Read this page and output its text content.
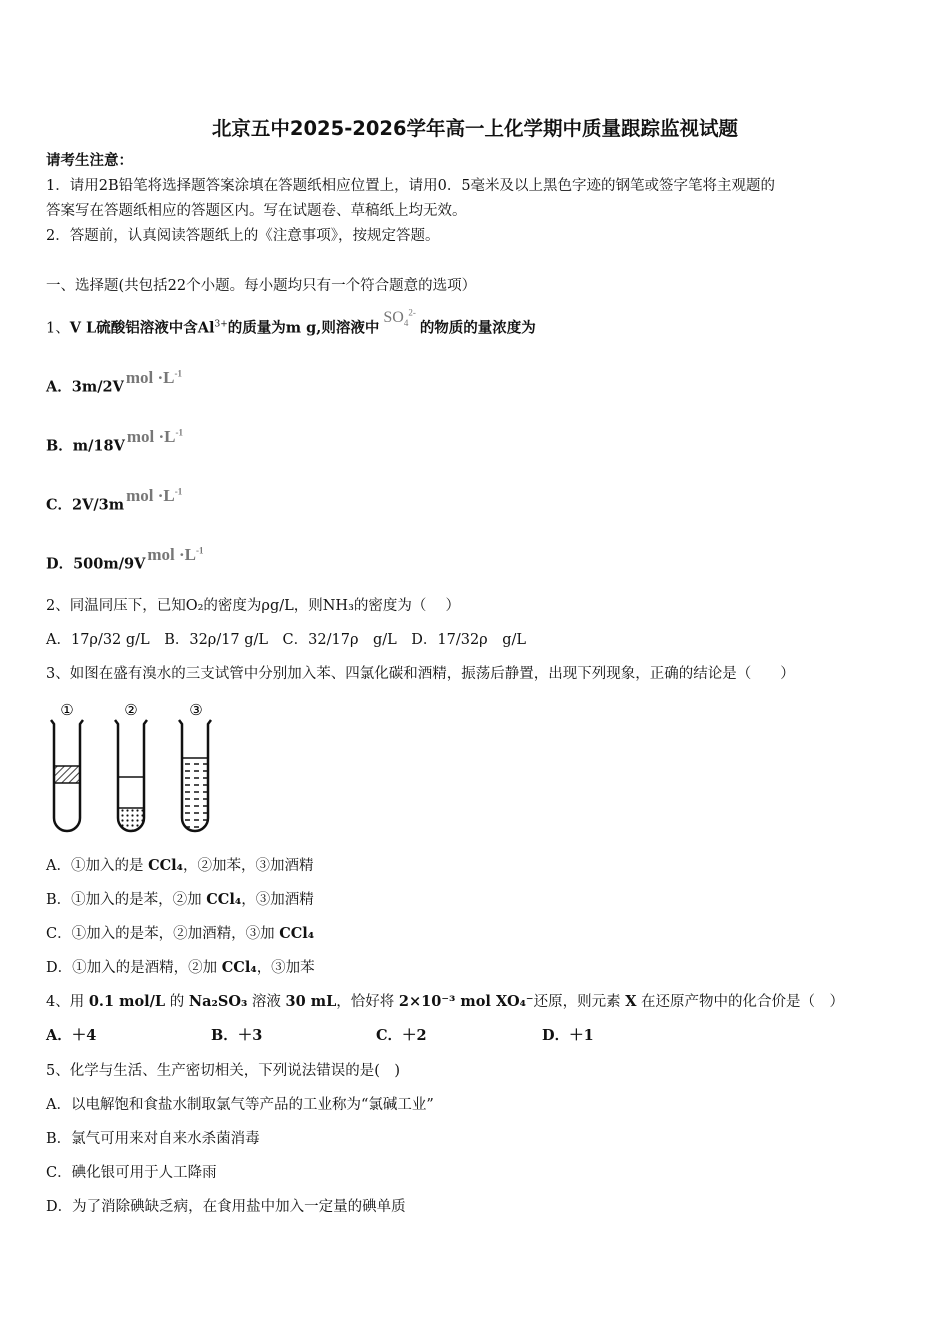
北京五中2025-2026学年高一上化学期中质量跟踪监视试题
请考生注意：
1．请用2B铅笔将选择题答案涂填在答题纸相应位置上，请用0．5毫米及以上黑色字迹的钢笔或签字笔将主观题的
答案写在答题纸相应的答题区内。写在试题卷、草稿纸上均无效。
2．答题前，认真阅读答题纸上的《注意事项》，按规定答题。
一、选择题(共包括22个小题。每小题均只有一个符合题意的选项）
1、V L硫酸铝溶液中含$Al^{3+}$的质量为m g,则溶液中$SO_4^{2-}$的物质的量浓度为
A．3m/2Vmol $\cdot L^{-1}$
B．m/18Vmol $\cdot L^{-1}$
C．2V/3mmol $\cdot L^{-1}$
D．500m/9Vmol $\cdot L^{-1}$
2、同温同压下，已知O₂的密度为ρg/L，则NH₃的密度为（　 ）
A．17ρ/32 g/L　B．32ρ/17 g/L　C．32/17ρ　g/L　D．17/32ρ　g/L
3、如图在盛有溴水的三支试管中分别加入苯、四氯化碳和酒精，振荡后静置，出现下列现象，正确的结论是（　　）
①	②	③
A．①加入的是 CCl₄，②加苯，③加酒精
B．①加入的是苯，②加 CCl₄，③加酒精
C．①加入的是苯，②加酒精，③加 CCl₄
D．①加入的是酒精，②加 CCl₄，③加苯
4、用 0.1 mol/L 的 Na₂SO₃ 溶液 30 mL，恰好将 2×10⁻³ mol XO₄⁻还原，则元素 X 在还原产物中的化合价是（　）
A．＋4	B．＋3	C．＋2	D．＋1
5、化学与生活、生产密切相关，下列说法错误的是(　)
A．以电解饱和食盐水制取氯气等产品的工业称为“氯碱工业”
B．氯气可用来对自来水杀菌消毒
C．碘化银可用于人工降雨
D．为了消除碘缺乏病，在食用盐中加入一定量的碘单质
